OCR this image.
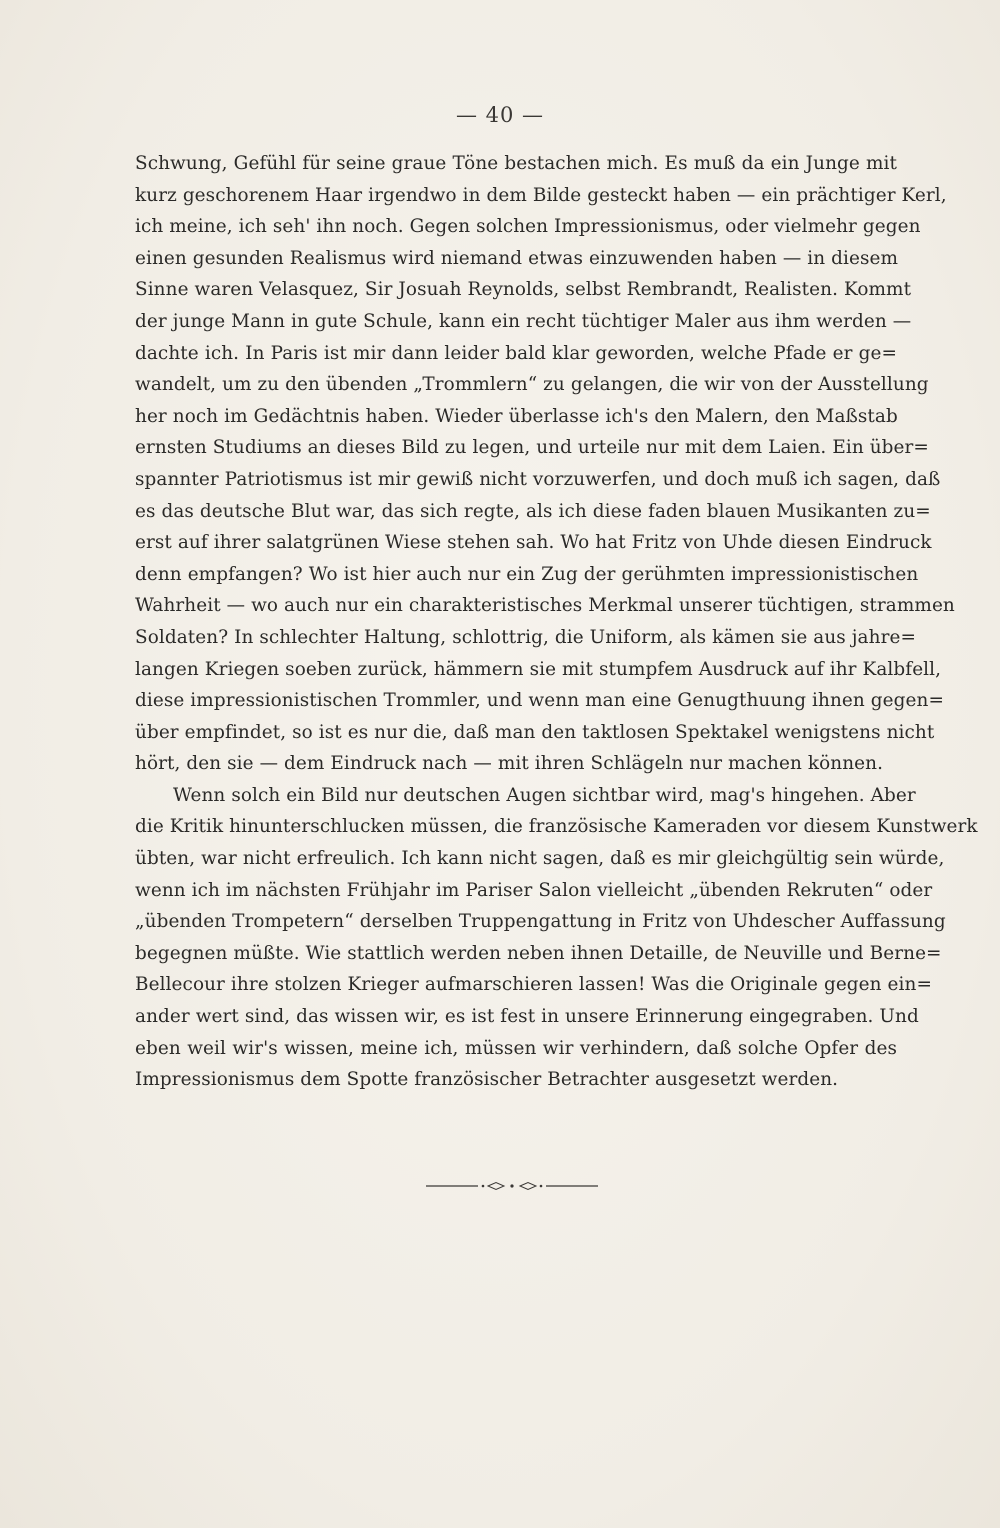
— 40 —
Schwung, Gefühl für seine graue Töne bestachen mich. Es muß da ein Junge mit
kurz geschorenem Haar irgendwo in dem Bilde gesteckt haben — ein prächtiger Kerl,
ich meine, ich seh' ihn noch. Gegen solchen Impressionismus, oder vielmehr gegen
einen gesunden Realismus wird niemand etwas einzuwenden haben — in diesem
Sinne waren Velasquez, Sir Josuah Reynolds, selbst Rembrandt, Realisten. Kommt
der junge Mann in gute Schule, kann ein recht tüchtiger Maler aus ihm werden —
dachte ich. In Paris ist mir dann leider bald klar geworden, welche Pfade er ge=
wandelt, um zu den übenden „Trommlern“ zu gelangen, die wir von der Ausstellung
her noch im Gedächtnis haben. Wieder überlasse ich's den Malern, den Maßstab
ernsten Studiums an dieses Bild zu legen, und urteile nur mit dem Laien. Ein über=
spannter Patriotismus ist mir gewiß nicht vorzuwerfen, und doch muß ich sagen, daß
es das deutsche Blut war, das sich regte, als ich diese faden blauen Musikanten zu=
erst auf ihrer salatgrünen Wiese stehen sah. Wo hat Fritz von Uhde diesen Eindruck
denn empfangen? Wo ist hier auch nur ein Zug der gerühmten impressionistischen
Wahrheit — wo auch nur ein charakteristisches Merkmal unserer tüchtigen, strammen
Soldaten? In schlechter Haltung, schlottrig, die Uniform, als kämen sie aus jahre=
langen Kriegen soeben zurück, hämmern sie mit stumpfem Ausdruck auf ihr Kalbfell,
diese impressionistischen Trommler, und wenn man eine Genugthuung ihnen gegen=
über empfindet, so ist es nur die, daß man den taktlosen Spektakel wenigstens nicht
hört, den sie — dem Eindruck nach — mit ihren Schlägeln nur machen können.
Wenn solch ein Bild nur deutschen Augen sichtbar wird, mag's hingehen. Aber
die Kritik hinunterschlucken müssen, die französische Kameraden vor diesem Kunstwerk
übten, war nicht erfreulich. Ich kann nicht sagen, daß es mir gleichgültig sein würde,
wenn ich im nächsten Frühjahr im Pariser Salon vielleicht „übenden Rekruten“ oder
„übenden Trompetern“ derselben Truppengattung in Fritz von Uhdescher Auffassung
begegnen müßte. Wie stattlich werden neben ihnen Detaille, de Neuville und Berne=
Bellecour ihre stolzen Krieger aufmarschieren lassen! Was die Originale gegen ein=
ander wert sind, das wissen wir, es ist fest in unsere Erinnerung eingegraben. Und
eben weil wir's wissen, meine ich, müssen wir verhindern, daß solche Opfer des
Impressionismus dem Spotte französischer Betrachter ausgesetzt werden.
